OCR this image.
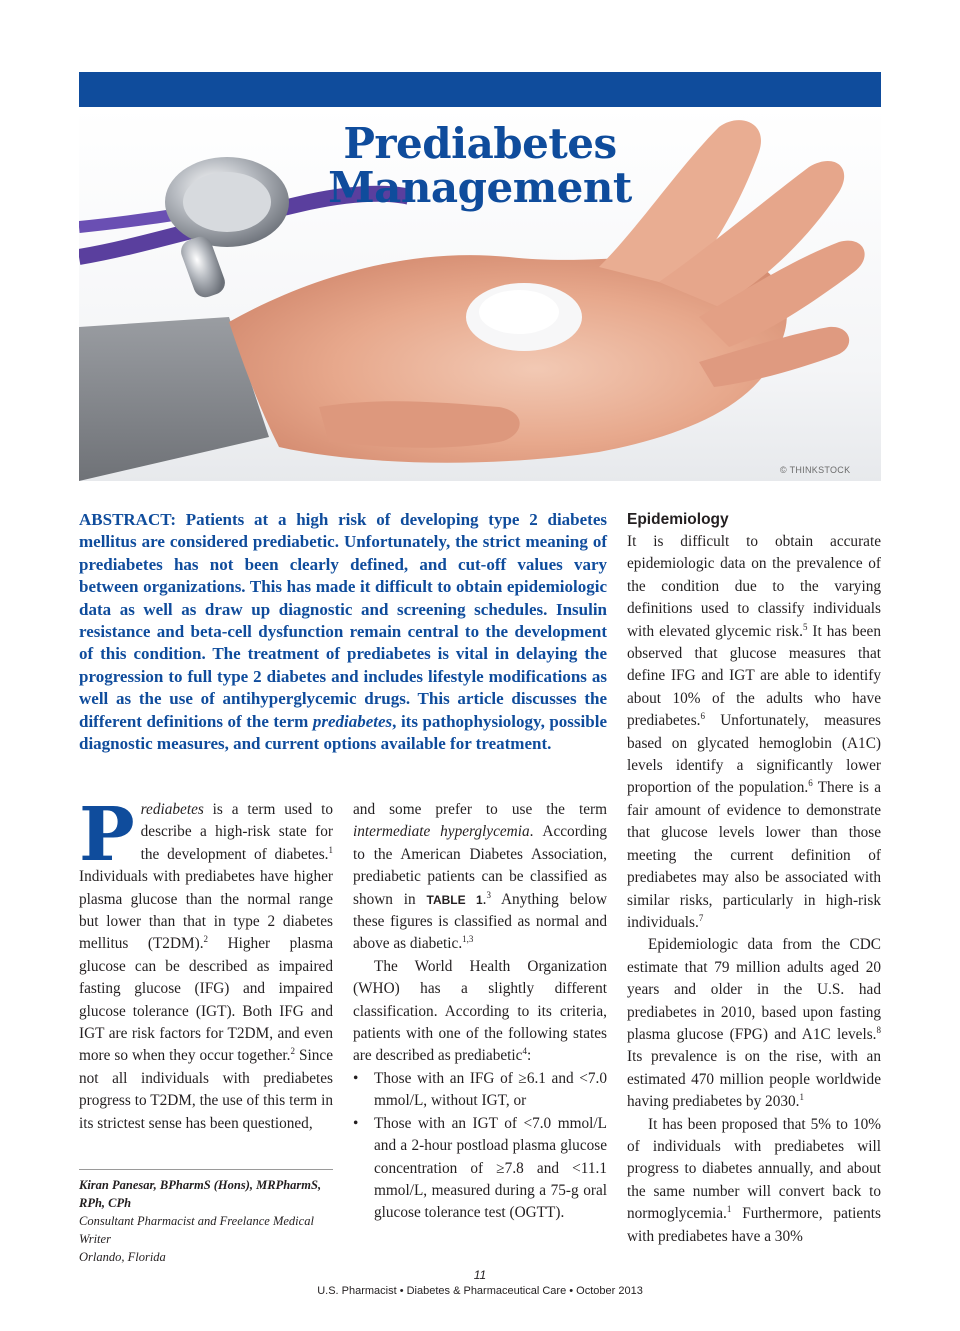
Prediabetes
Management
© THINKSTOCK

ABSTRACT: Patients at a high risk of developing type 2 diabetes mellitus are considered prediabetic. Unfortunately, the strict meaning of prediabetes has not been clearly defined, and cut-off values vary between organizations. This has made it difficult to obtain epidemiologic data as well as draw up diagnostic and screening schedules. Insulin resistance and beta-cell dysfunction remain central to the development of this condition. The treatment of prediabetes is vital in delaying the progression to full type 2 diabetes and includes lifestyle modifications as well as the use of antihyperglycemic drugs. This article discusses the different definitions of the term prediabetes, its pathophysiology, possible diagnostic measures, and current options available for treatment.

Prediabetes is a term used to describe a high-risk state for the development of diabetes.$^1$ Individuals with prediabetes have higher plasma glucose than the normal range but lower than that in type 2 diabetes mellitus (T2DM).$^2$ Higher plasma glucose can be described as impaired fasting glucose (IFG) and impaired glucose tolerance (IGT). Both IFG and IGT are risk factors for T2DM, and even more so when they occur together.$^2$ Since not all individuals with prediabetes progress to T2DM, the use of this term in its strictest sense has been questioned,

Kiran Panesar, BPharmS (Hons), MRPharmS, RPh, CPh
Consultant Pharmacist and Freelance Medical Writer
Orlando, Florida

and some prefer to use the term intermediate hyperglycemia. According to the American Diabetes Association, prediabetic patients can be classified as shown in TABLE 1.$^3$ Anything below these figures is classified as normal and above as diabetic.$^{1,3}$

The World Health Organization (WHO) has a slightly different classification. According to its criteria, patients with one of the following states are described as prediabetic$^4$:

• Those with an IFG of ≥6.1 and <7.0 mmol/L, without IGT, or
• Those with an IGT of <7.0 mmol/L and a 2-hour postload plasma glucose concentration of ≥7.8 and <11.1 mmol/L, measured during a 75-g oral glucose tolerance test (OGTT).
Epidemiology

It is difficult to obtain accurate epidemiologic data on the prevalence of the condition due to the varying definitions used to classify individuals with elevated glycemic risk.$^5$ It has been observed that glucose measures that define IFG and IGT are able to identify about 10% of the adults who have prediabetes.$^6$ Unfortunately, measures based on glycated hemoglobin (A1C) levels identify a significantly lower proportion of the population.$^6$ There is a fair amount of evidence to demonstrate that glucose levels lower than those meeting the current definition of prediabetes may also be associated with similar risks, particularly in high-risk individuals.$^7$

Epidemiologic data from the CDC estimate that 79 million adults aged 20 years and older in the U.S. had prediabetes in 2010, based upon fasting plasma glucose (FPG) and A1C levels.$^8$ Its prevalence is on the rise, with an estimated 470 million people worldwide having prediabetes by 2030.$^1$

It has been proposed that 5% to 10% of individuals with prediabetes will progress to diabetes annually, and about the same number will convert back to normoglycemia.$^1$ Furthermore, patients with prediabetes have a 30%

11
U.S. Pharmacist • Diabetes & Pharmaceutical Care • October 2013
